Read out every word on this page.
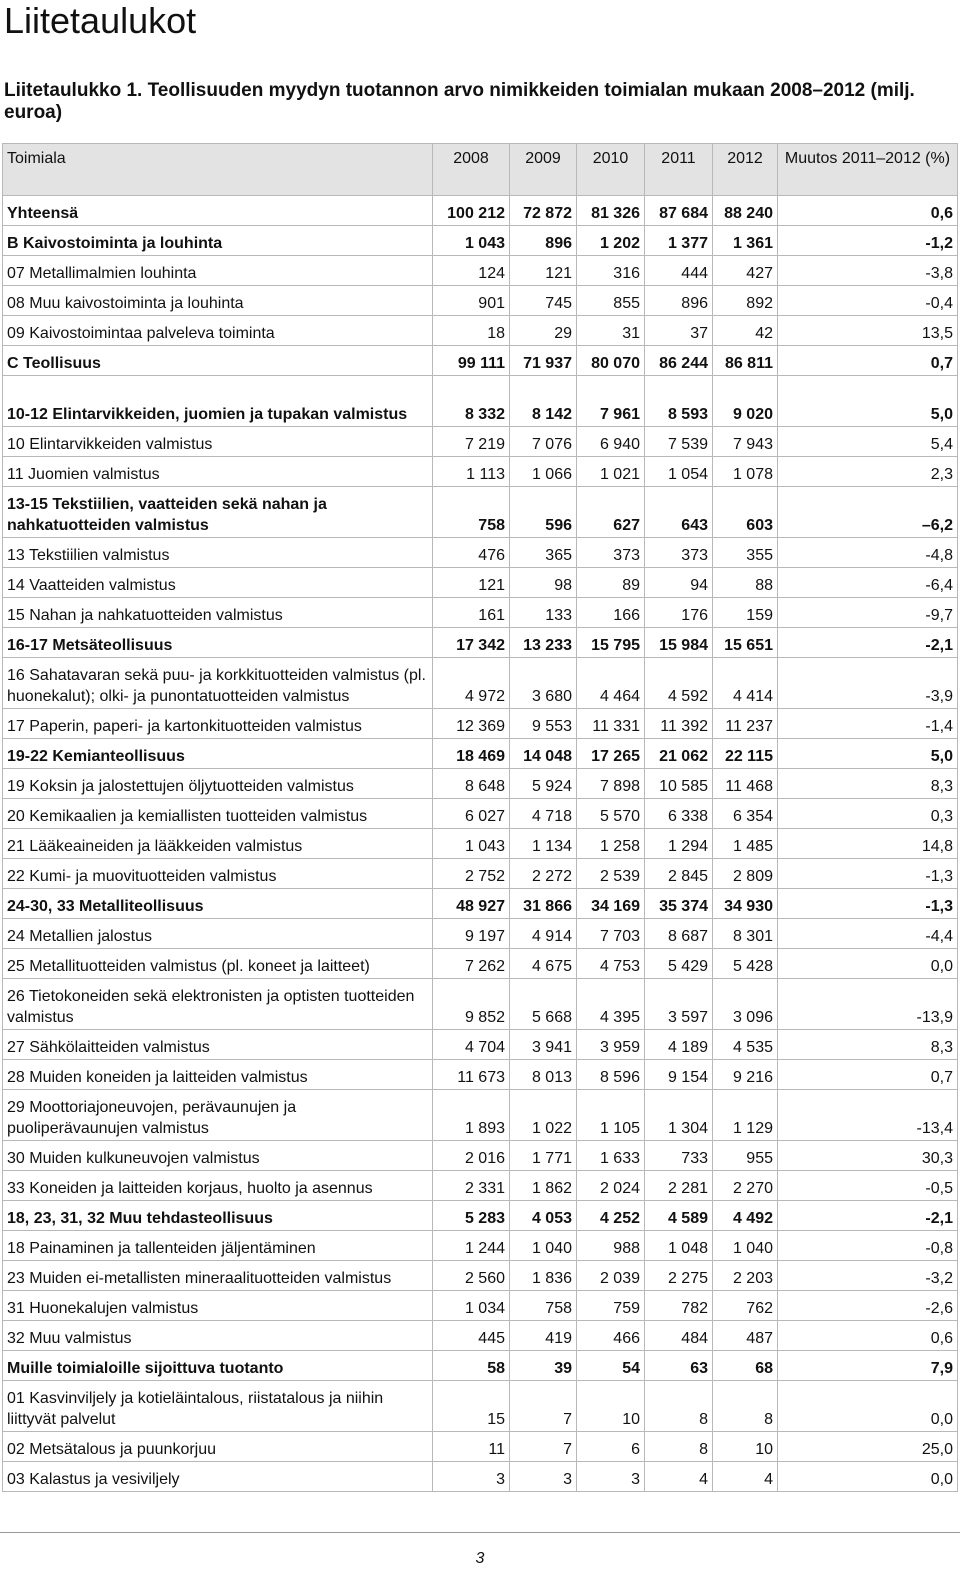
Liitetaulukot

Liitetaulukko 1. Teollisuuden myydyn tuotannon arvo nimikkeiden toimialan mukaan 2008–2012 (milj. euroa)

Toimiala	2008	2009	2010	2011	2012	Muutos 2011–2012 (%)
Yhteensä	100 212	72 872	81 326	87 684	88 240	0,6
B Kaivostoiminta ja louhinta	1 043	896	1 202	1 377	1 361	-1,2
07 Metallimalmien louhinta	124	121	316	444	427	-3,8
08 Muu kaivostoiminta ja louhinta	901	745	855	896	892	-0,4
09 Kaivostoimintaa palveleva toiminta	18	29	31	37	42	13,5
C Teollisuus	99 111	71 937	80 070	86 244	86 811	0,7
10-12 Elintarvikkeiden, juomien ja tupakan valmistus	8 332	8 142	7 961	8 593	9 020	5,0
10 Elintarvikkeiden valmistus	7 219	7 076	6 940	7 539	7 943	5,4
11 Juomien valmistus	1 113	1 066	1 021	1 054	1 078	2,3
13-15 Tekstiilien, vaatteiden sekä nahan ja nahkatuotteiden valmistus	758	596	627	643	603	–6,2
13 Tekstiilien valmistus	476	365	373	373	355	-4,8
14 Vaatteiden valmistus	121	98	89	94	88	-6,4
15 Nahan ja nahkatuotteiden valmistus	161	133	166	176	159	-9,7
16-17 Metsäteollisuus	17 342	13 233	15 795	15 984	15 651	-2,1
16 Sahatavaran sekä puu- ja korkkituotteiden valmistus (pl. huonekalut); olki- ja punontatuotteiden valmistus	4 972	3 680	4 464	4 592	4 414	-3,9
17 Paperin, paperi- ja kartonkituotteiden valmistus	12 369	9 553	11 331	11 392	11 237	-1,4
19-22 Kemianteollisuus	18 469	14 048	17 265	21 062	22 115	5,0
19 Koksin ja jalostettujen öljytuotteiden valmistus	8 648	5 924	7 898	10 585	11 468	8,3
20 Kemikaalien ja kemiallisten tuotteiden valmistus	6 027	4 718	5 570	6 338	6 354	0,3
21 Lääkeaineiden ja lääkkeiden valmistus	1 043	1 134	1 258	1 294	1 485	14,8
22 Kumi- ja muovituotteiden valmistus	2 752	2 272	2 539	2 845	2 809	-1,3
24-30, 33 Metalliteollisuus	48 927	31 866	34 169	35 374	34 930	-1,3
24 Metallien jalostus	9 197	4 914	7 703	8 687	8 301	-4,4
25 Metallituotteiden valmistus (pl. koneet ja laitteet)	7 262	4 675	4 753	5 429	5 428	0,0
26 Tietokoneiden sekä elektronisten ja optisten tuotteiden valmistus	9 852	5 668	4 395	3 597	3 096	-13,9
27 Sähkölaitteiden valmistus	4 704	3 941	3 959	4 189	4 535	8,3
28 Muiden koneiden ja laitteiden valmistus	11 673	8 013	8 596	9 154	9 216	0,7
29 Moottoriajoneuvojen, perävaunujen ja puoliperävaunujen valmistus	1 893	1 022	1 105	1 304	1 129	-13,4
30 Muiden kulkuneuvojen valmistus	2 016	1 771	1 633	733	955	30,3
33 Koneiden ja laitteiden korjaus, huolto ja asennus	2 331	1 862	2 024	2 281	2 270	-0,5
18, 23, 31, 32 Muu tehdasteollisuus	5 283	4 053	4 252	4 589	4 492	-2,1
18 Painaminen ja tallenteiden jäljentäminen	1 244	1 040	988	1 048	1 040	-0,8
23 Muiden ei-metallisten mineraalituotteiden valmistus	2 560	1 836	2 039	2 275	2 203	-3,2
31 Huonekalujen valmistus	1 034	758	759	782	762	-2,6
32 Muu valmistus	445	419	466	484	487	0,6
Muille toimialoille sijoittuva tuotanto	58	39	54	63	68	7,9
01 Kasvinviljely ja kotieläintalous, riistatalous ja niihin liittyvät palvelut	15	7	10	8	8	0,0
02 Metsätalous ja puunkorjuu	11	7	6	8	10	25,0
03 Kalastus ja vesiviljely	3	3	3	4	4	0,0
3
